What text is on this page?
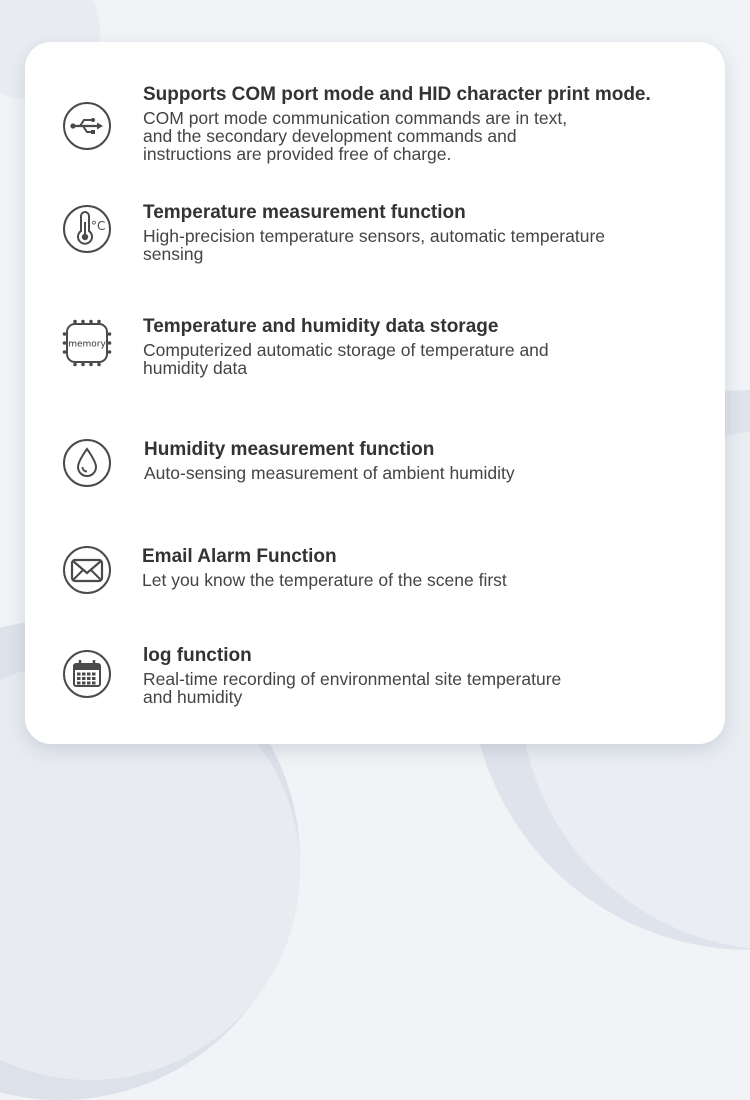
Supports COM port mode and HID character print mode.
COM port mode communication commands are in text,
and the secondary development commands and
instructions are provided free of charge.
°C
Temperature measurement function
High-precision temperature sensors, automatic temperature
sensing
memory
Temperature and humidity data storage
Computerized automatic storage of temperature and
humidity data
Humidity measurement function
Auto-sensing measurement of ambient humidity
Email Alarm Function
Let you know the temperature of the scene first
log function
Real-time recording of environmental site temperature
and humidity
